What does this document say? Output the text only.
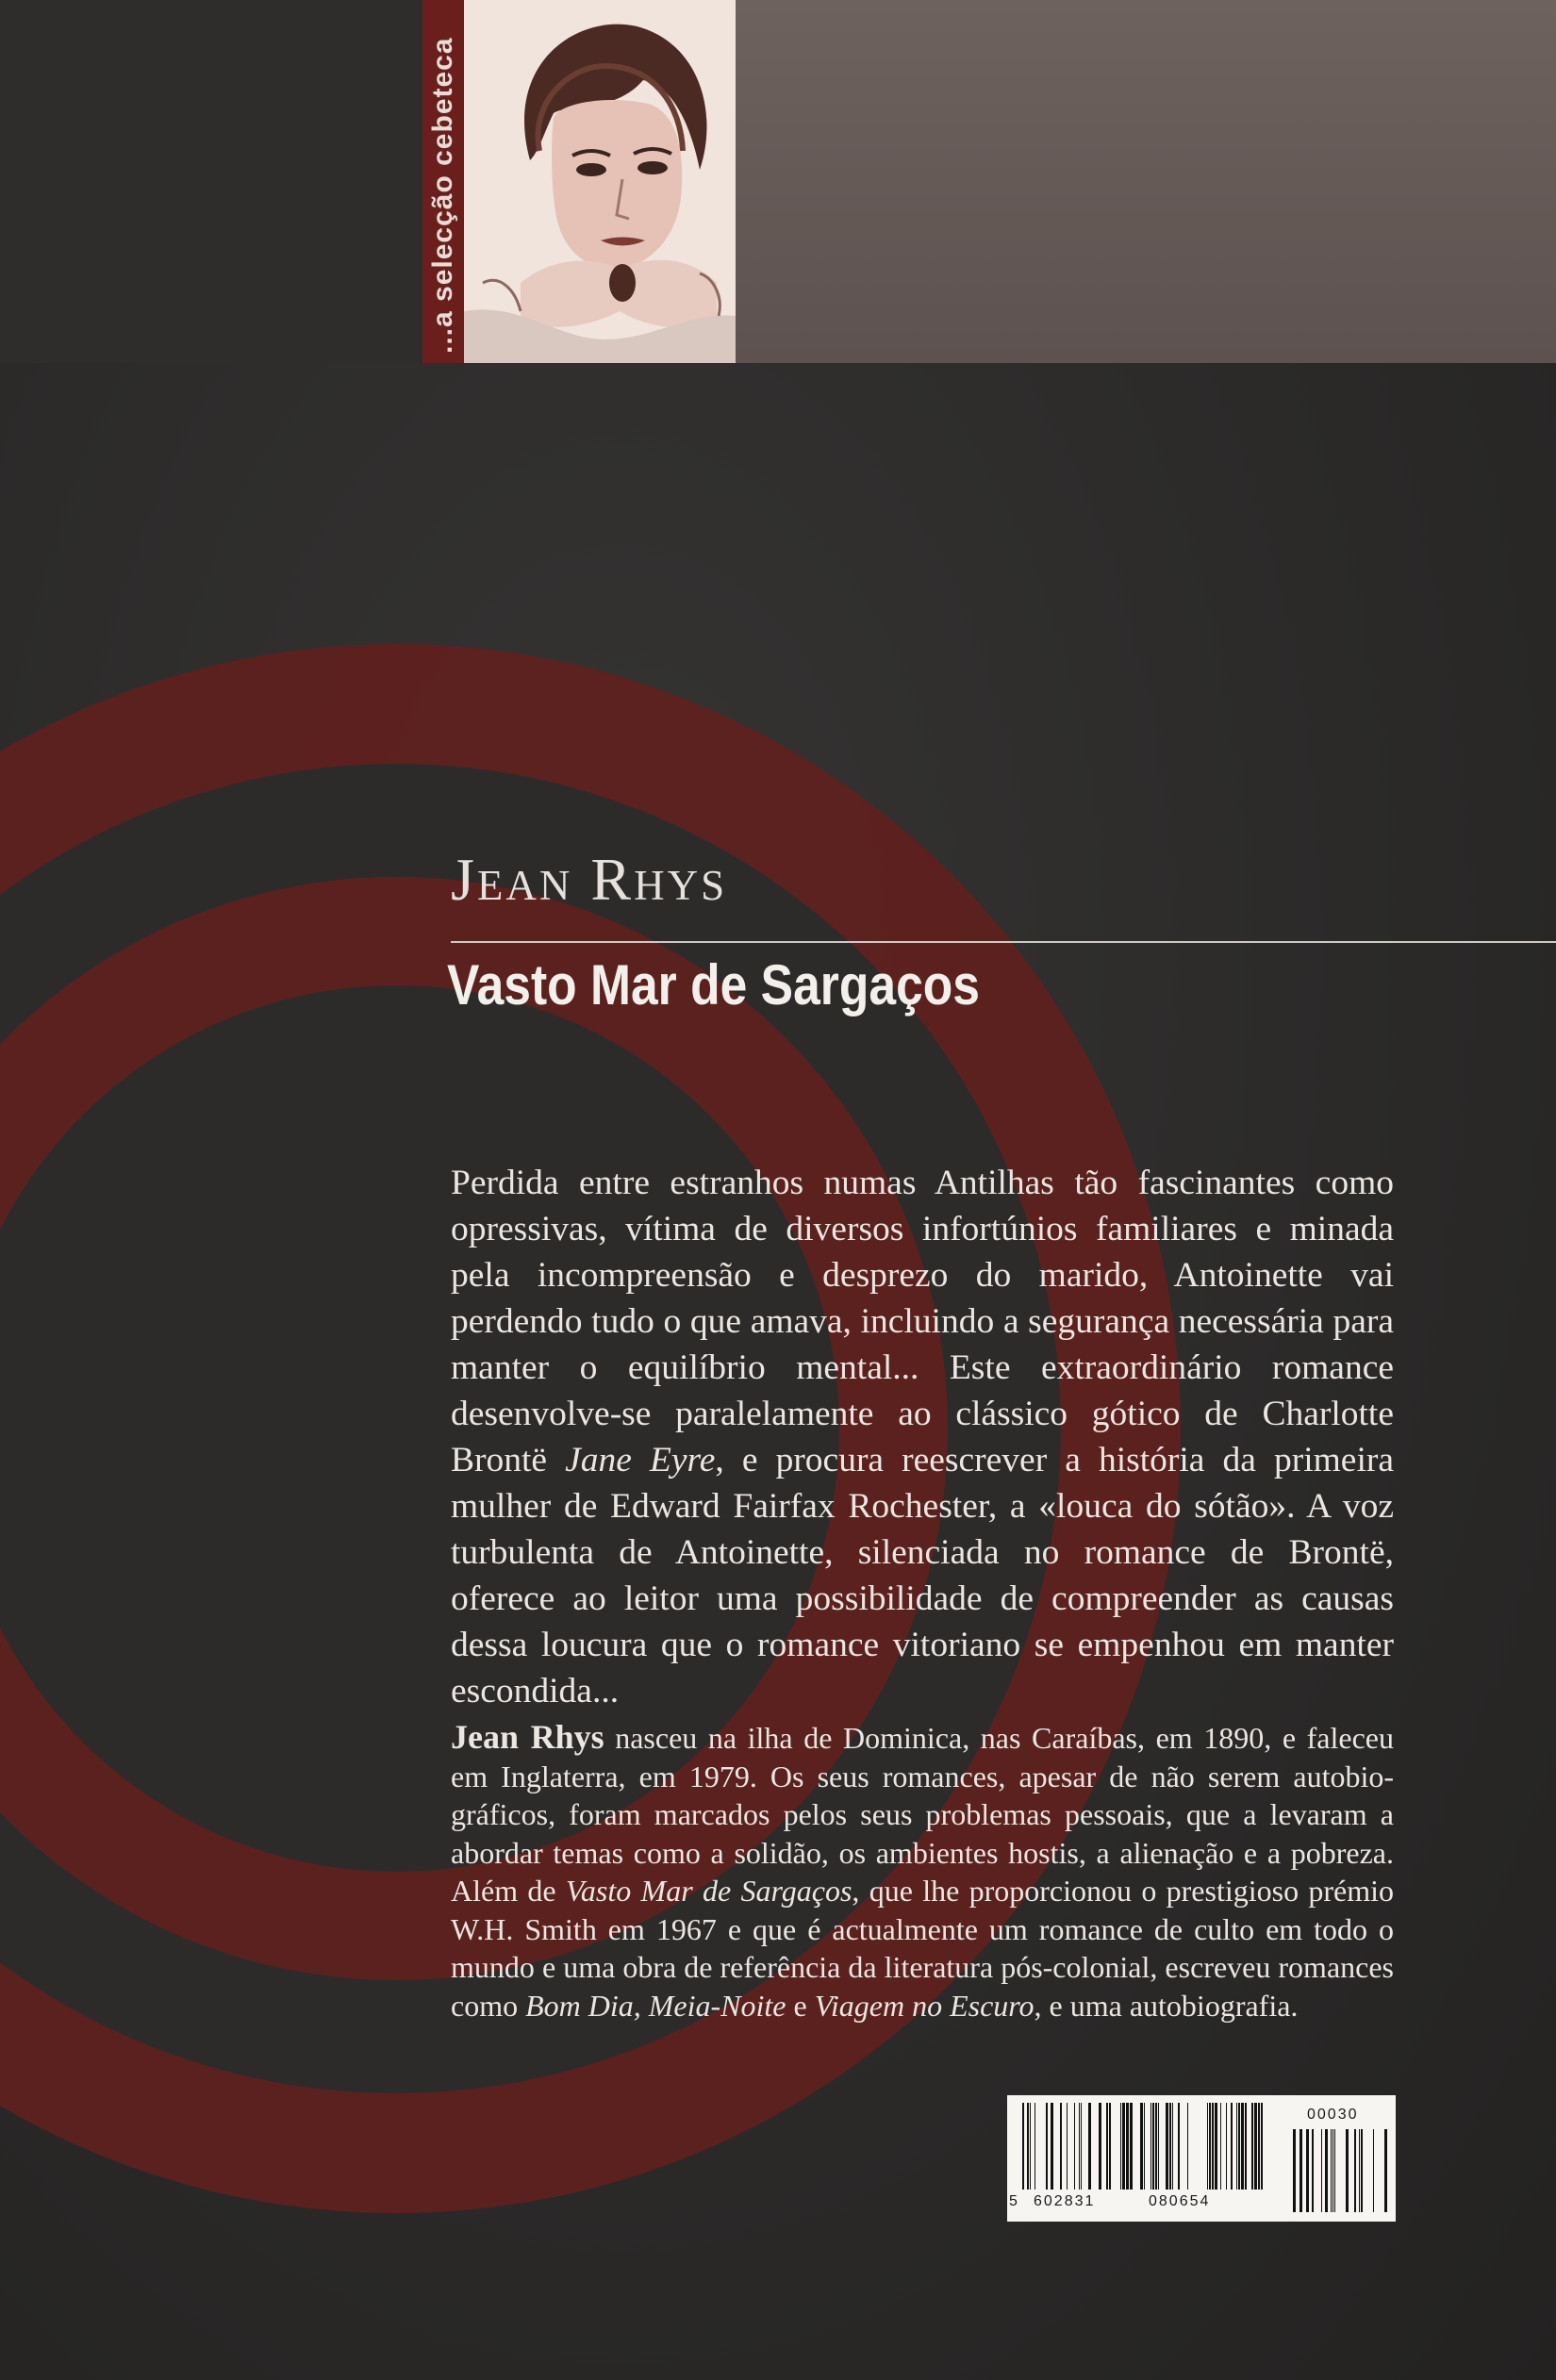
...a selecção cebeteca
Jean Rhys
Vasto Mar de Sargaços

Perdida entre estranhos numas Antilhas tão fascinantes como opressivas, vítima de diversos infortúnios familiares e minada pela incompreensão e desprezo do marido, Antoinette vai perdendo tudo o que amava, incluindo a segurança necessária para manter o equilíbrio mental... Este extraordinário romance desenvolve-se paralelamente ao clássico gótico de Charlotte Brontë Jane Eyre, e procura reescrever a história da primeira mulher de Edward Fairfax Rochester, a «louca do sótão». A voz turbulenta de Antoinette, silenciada no romance de Brontë, oferece ao leitor uma possibilidade de compreender as causas dessa loucura que o romance vitoriano se empenhou em manter escondida...

Jean Rhys nasceu na ilha de Dominica, nas Caraíbas, em 1890, e faleceu em Inglaterra, em 1979. Os seus romances, apesar de não serem autobiográficos, foram marcados pelos seus problemas pessoais, que a levaram a abordar temas como a solidão, os ambientes hostis, a alienação e a pobreza. Além de Vasto Mar de Sargaços, que lhe proporcionou o prestigioso prémio W.H. Smith em 1967 e que é actualmente um romance de culto em todo o mundo e uma obra de referência da literatura pós-colonial, escreveu romances como Bom Dia, Meia-Noite e Viagem no Escuro, e uma autobiografia.

5 602831	080654
00030
